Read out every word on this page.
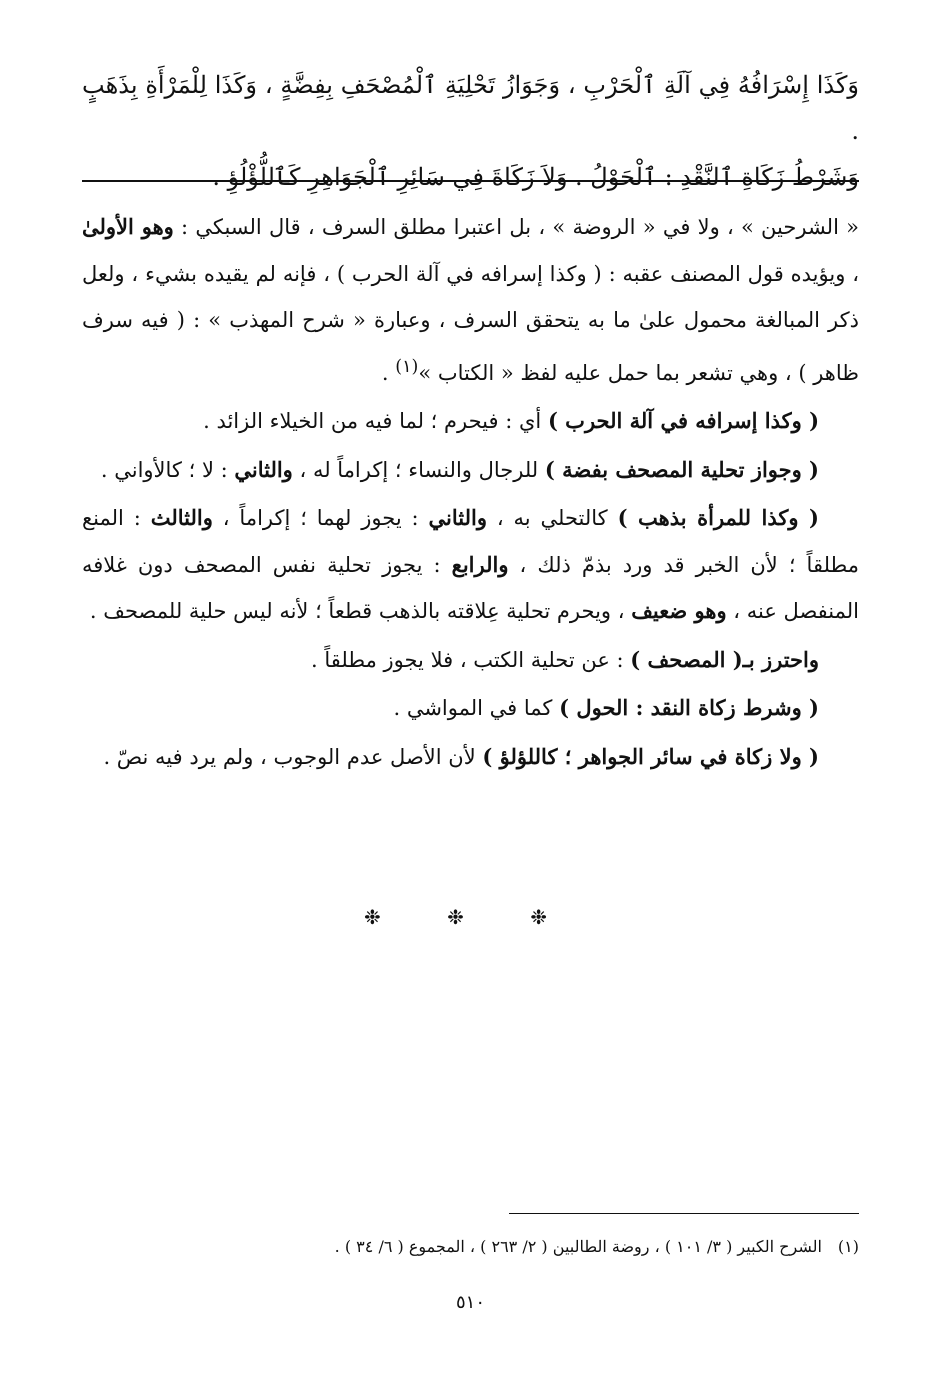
وَكَذَا إِسْرَافُهُ فِي آلَةِ ٱلْحَرْبِ ، وَجَوَازُ تَحْلِيَةِ ٱلْمُصْحَفِ بِفِضَّةٍ ، وَكَذَا لِلْمَرْأَةِ بِذَهَبٍ .

وَشَرْطُ زَكَاةِ ٱلنَّقْدِ : ٱلْحَوْلُ . وَلاَ زَكَاةَ فِي سَائِرِ ٱلْجَوَاهِرِ كَٱللُّؤْلُؤِ .

« الشرحين » ، ولا في « الروضة » ، بل اعتبرا مطلق السرف ، قال السبكي : وهو الأولىٰ ، ويؤيده قول المصنف عقبه : ( وكذا إسرافه في آلة الحرب ) ، فإنه لم يقيده بشيء ، ولعل ذكر المبالغة محمول علىٰ ما به يتحقق السرف ، وعبارة « شرح المهذب » : ( فيه سرف ظاهر ) ، وهي تشعر بما حمل عليه لفظ « الكتاب »$^{(١)}$ .

( وكذا إسرافه في آلة الحرب ) أي : فيحرم ؛ لما فيه من الخيلاء الزائد .

( وجواز تحلية المصحف بفضة ) للرجال والنساء ؛ إكراماً له ، والثاني : لا ؛ كالأواني .

( وكذا للمرأة بذهب ) كالتحلي به ، والثاني : يجوز لهما ؛ إكراماً ، والثالث : المنع مطلقاً ؛ لأن الخبر قد ورد بذمّ ذلك ، والرابع : يجوز تحلية نفس المصحف دون غلافه المنفصل عنه ، وهو ضعيف ، ويحرم تحلية عِلاقته بالذهب قطعاً ؛ لأنه ليس حلية للمصحف .

واحترز بـ( المصحف ) : عن تحلية الكتب ، فلا يجوز مطلقاً .

( وشرط زكاة النقد : الحول ) كما في المواشي .

( ولا زكاة في سائر الجواهر ؛ كاللؤلؤ ) لأن الأصل عدم الوجوب ، ولم يرد فيه نصّ .

❉ ❉ ❉
(١)الشرح الكبير ( ٣/ ١٠١ ) ، روضة الطالبين ( ٢/ ٢٦٣ ) ، المجموع ( ٦/ ٣٤ ) .
٥١٠
